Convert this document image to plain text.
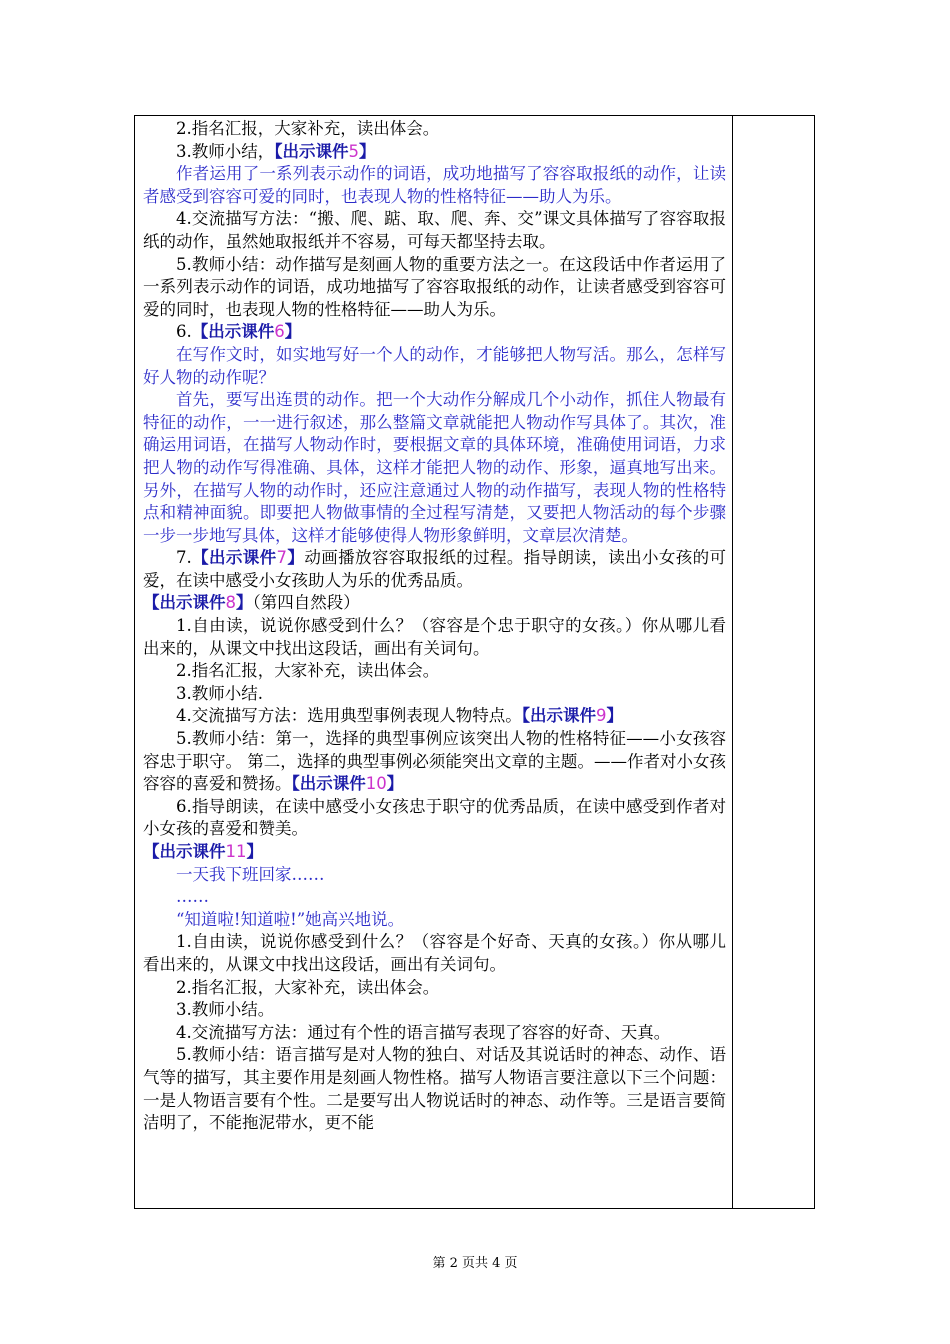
2.指名汇报，大家补充，读出体会。

3.教师小结，【出示课件5】

作者运用了一系列表示动作的词语，成功地描写了容容取报纸的动作，让读者感受到容容可爱的同时，也表现人物的性格特征——助人为乐。

4.交流描写方法：“搬、爬、踮、取、爬、奔、交”课文具体描写了容容取报纸的动作，虽然她取报纸并不容易，可每天都坚持去取。

5.教师小结：动作描写是刻画人物的重要方法之一。在这段话中作者运用了一系列表示动作的词语，成功地描写了容容取报纸的动作，让读者感受到容容可爱的同时，也表现人物的性格特征——助人为乐。

6.【出示课件6】

在写作文时，如实地写好一个人的动作，才能够把人物写活。那么，怎样写好人物的动作呢？

首先，要写出连贯的动作。把一个大动作分解成几个小动作，抓住人物最有特征的动作，一一进行叙述，那么整篇文章就能把人物动作写具体了。其次，准确运用词语，在描写人物动作时，要根据文章的具体环境，准确使用词语，力求把人物的动作写得准确、具体，这样才能把人物的动作、形象，逼真地写出来。另外，在描写人物的动作时，还应注意通过人物的动作描写，表现人物的性格特点和精神面貌。即要把人物做事情的全过程写清楚，又要把人物活动的每个步骤一步一步地写具体，这样才能够使得人物形象鲜明，文章层次清楚。

7.【出示课件7】动画播放容容取报纸的过程。指导朗读，读出小女孩的可爱，在读中感受小女孩助人为乐的优秀品质。

【出示课件8】（第四自然段）

1.自由读，说说你感受到什么？（容容是个忠于职守的女孩。）你从哪儿看出来的，从课文中找出这段话，画出有关词句。

2.指名汇报，大家补充，读出体会。

3.教师小结.

4.交流描写方法：选用典型事例表现人物特点。【出示课件9】

5.教师小结：第一，选择的典型事例应该突出人物的性格特征——小女孩容容忠于职守。 第二，选择的典型事例必须能突出文章的主题。——作者对小女孩容容的喜爱和赞扬。【出示课件10】

6.指导朗读，在读中感受小女孩忠于职守的优秀品质，在读中感受到作者对小女孩的喜爱和赞美。

【出示课件11】

一天我下班回家……

……

“知道啦!知道啦!”她高兴地说。

1.自由读，说说你感受到什么？（容容是个好奇、天真的女孩。）你从哪儿看出来的，从课文中找出这段话，画出有关词句。

2.指名汇报，大家补充，读出体会。

3.教师小结。

4.交流描写方法：通过有个性的语言描写表现了容容的好奇、天真。

5.教师小结：语言描写是对人物的独白、对话及其说话时的神态、动作、语气等的描写，其主要作用是刻画人物性格。描写人物语言要注意以下三个问题：一是人物语言要有个性。二是要写出人物说话时的神态、动作等。三是语言要简洁明了，不能拖泥带水，更不能

第 2 页共 4 页
